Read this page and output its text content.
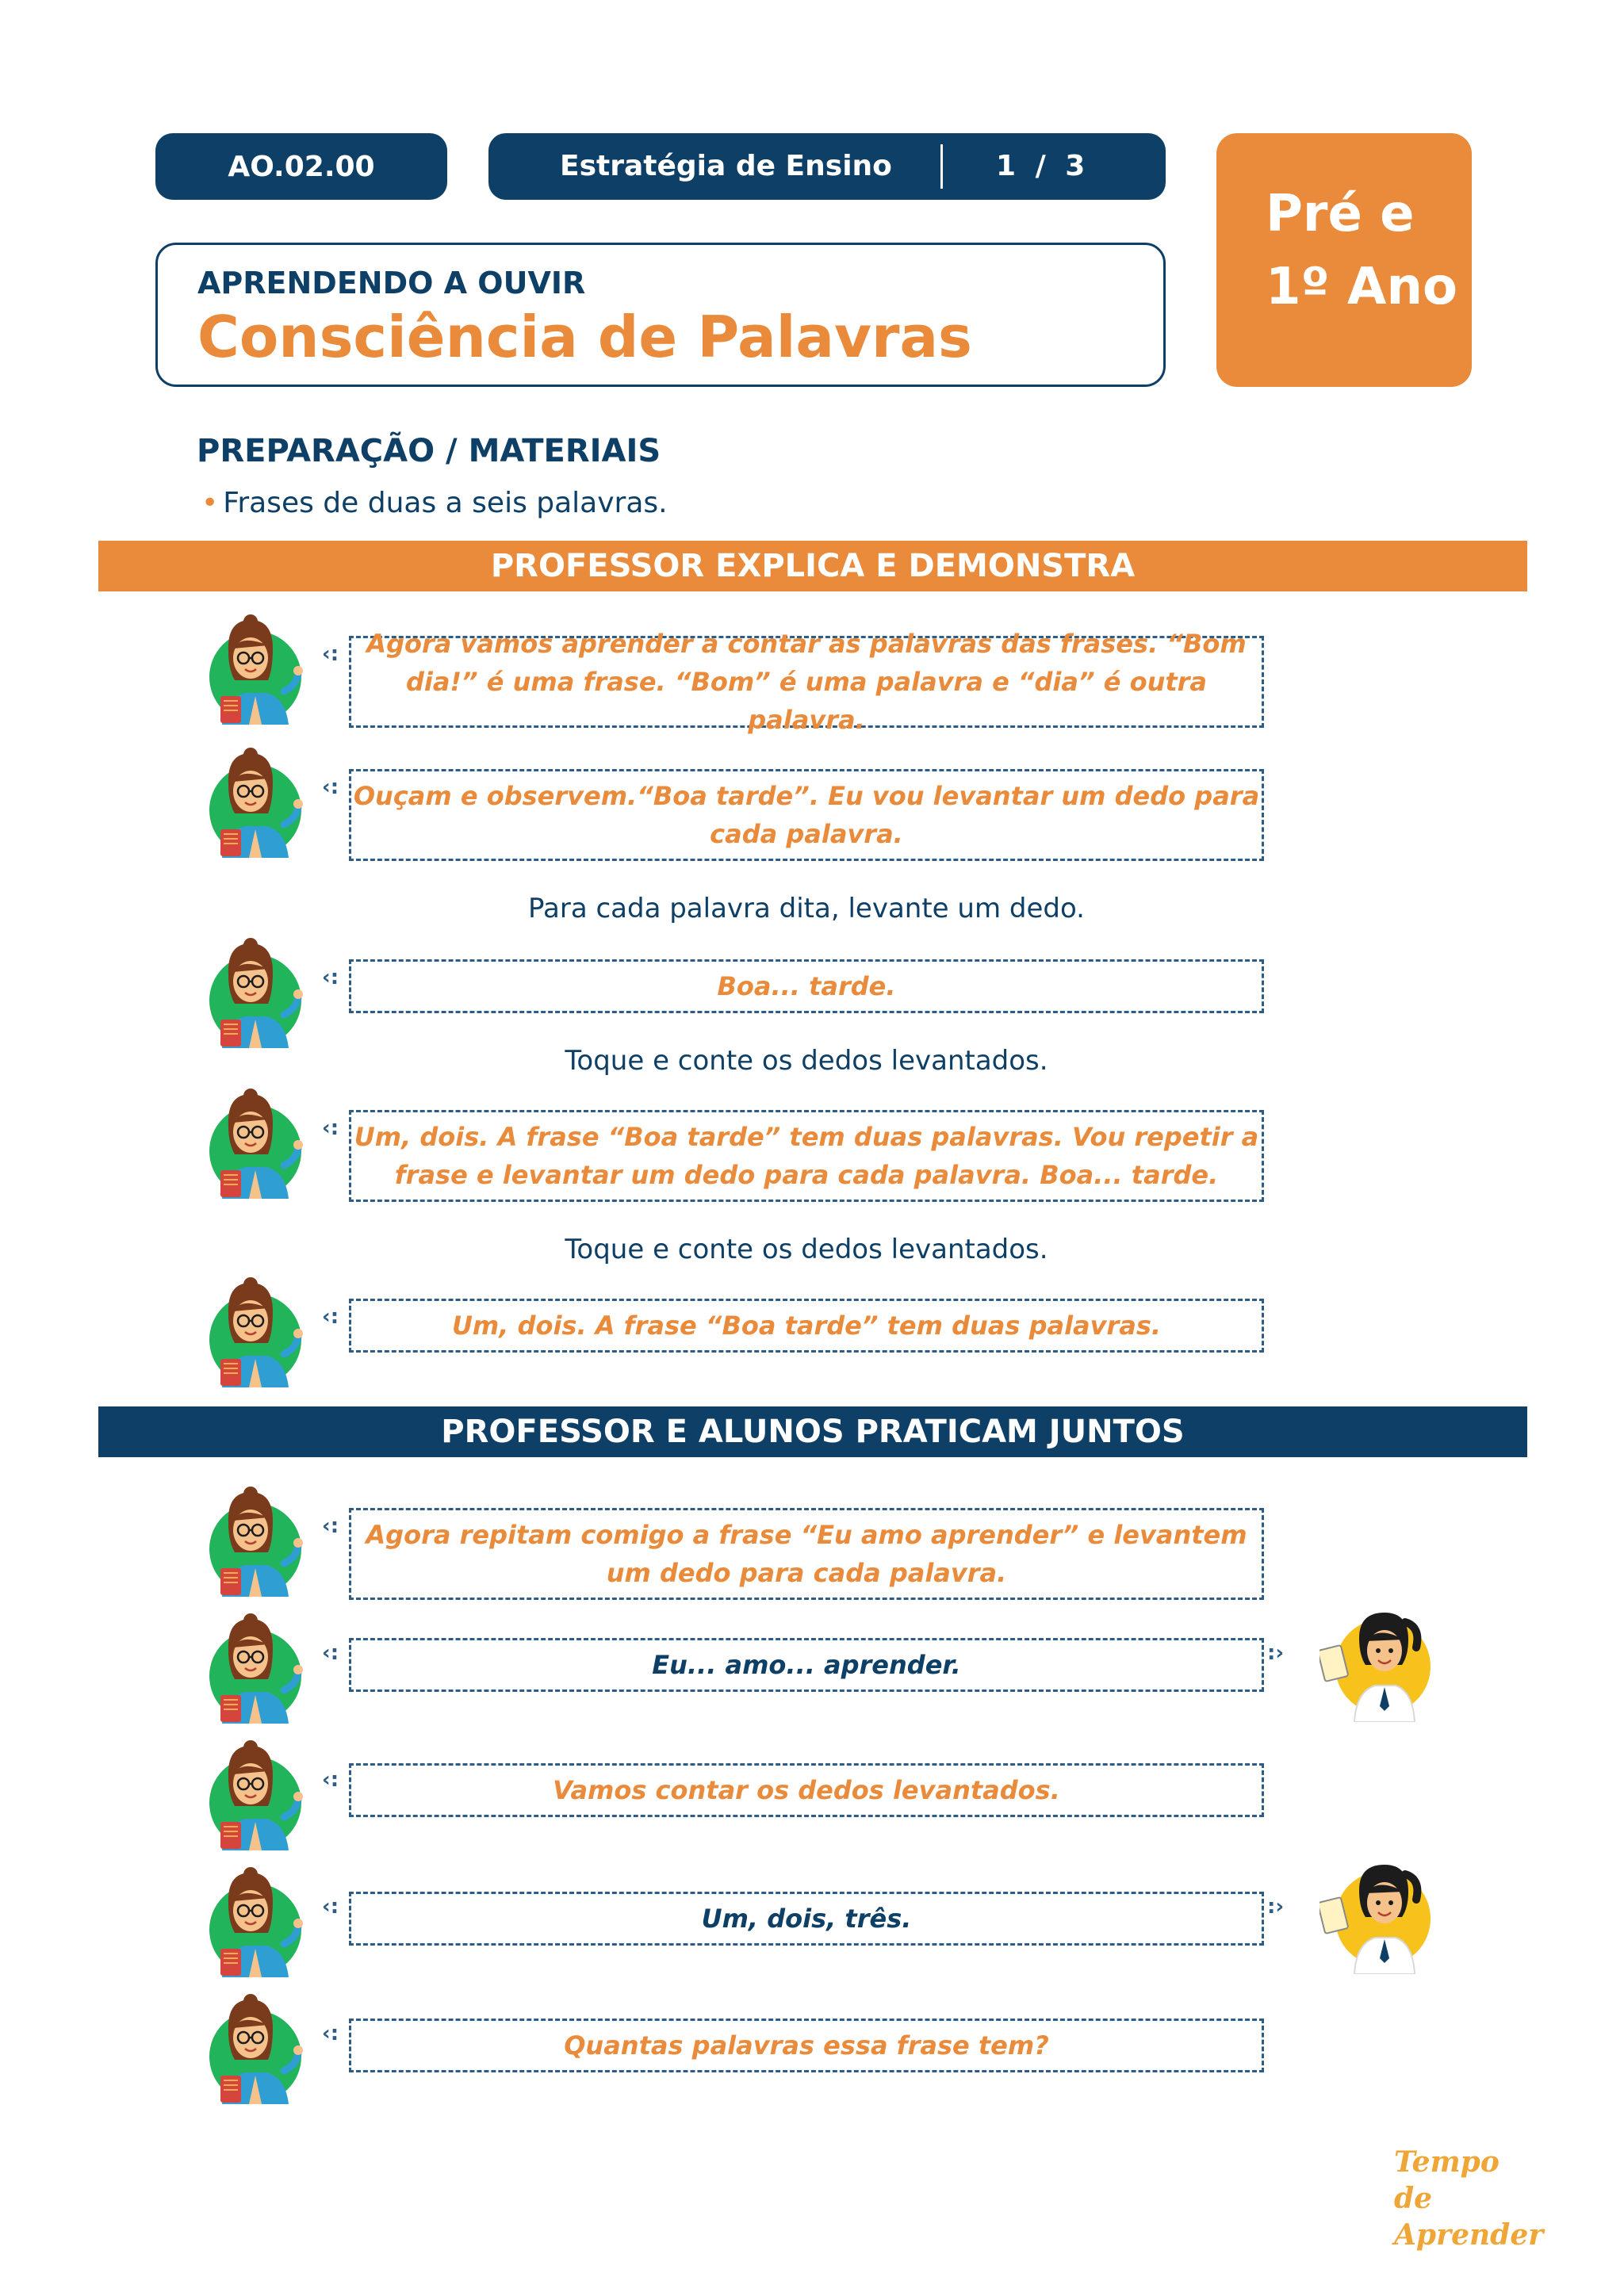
AO.02.00	Estratégia de Ensino	1 / 3
Pré e
1º Ano
APRENDENDO A OUVIR
Consciência de Palavras
PREPARAÇÃO / MATERIAIS
• Frases de duas a seis palavras.
PROFESSOR EXPLICA E DEMONSTRA
‹:	Agora vamos aprender a contar as palavras das frases. “Bom dia!” é uma frase. “Bom” é uma palavra e “dia” é outra palavra.
‹: Ouçam e observem.“Boa tarde”. Eu vou levantar um dedo para cada palavra.
Para cada palavra dita, levante um dedo.
‹:	Boa... tarde.
Toque e conte os dedos levantados.
‹: Um, dois. A frase “Boa tarde” tem duas palavras. Vou repetir a frase e levantar um dedo para cada palavra. Boa... tarde.
Toque e conte os dedos levantados.
‹:	Um, dois. A frase “Boa tarde” tem duas palavras.
PROFESSOR E ALUNOS PRATICAM JUNTOS
‹:	Agora repitam comigo a frase “Eu amo aprender” e levantem um dedo para cada palavra.
‹:	Eu... amo... aprender.	:›
‹:	Vamos contar os dedos levantados.
‹:	Um, dois, três.	:›
‹:	Quantas palavras essa frase tem?
Tempo de
Aprender
